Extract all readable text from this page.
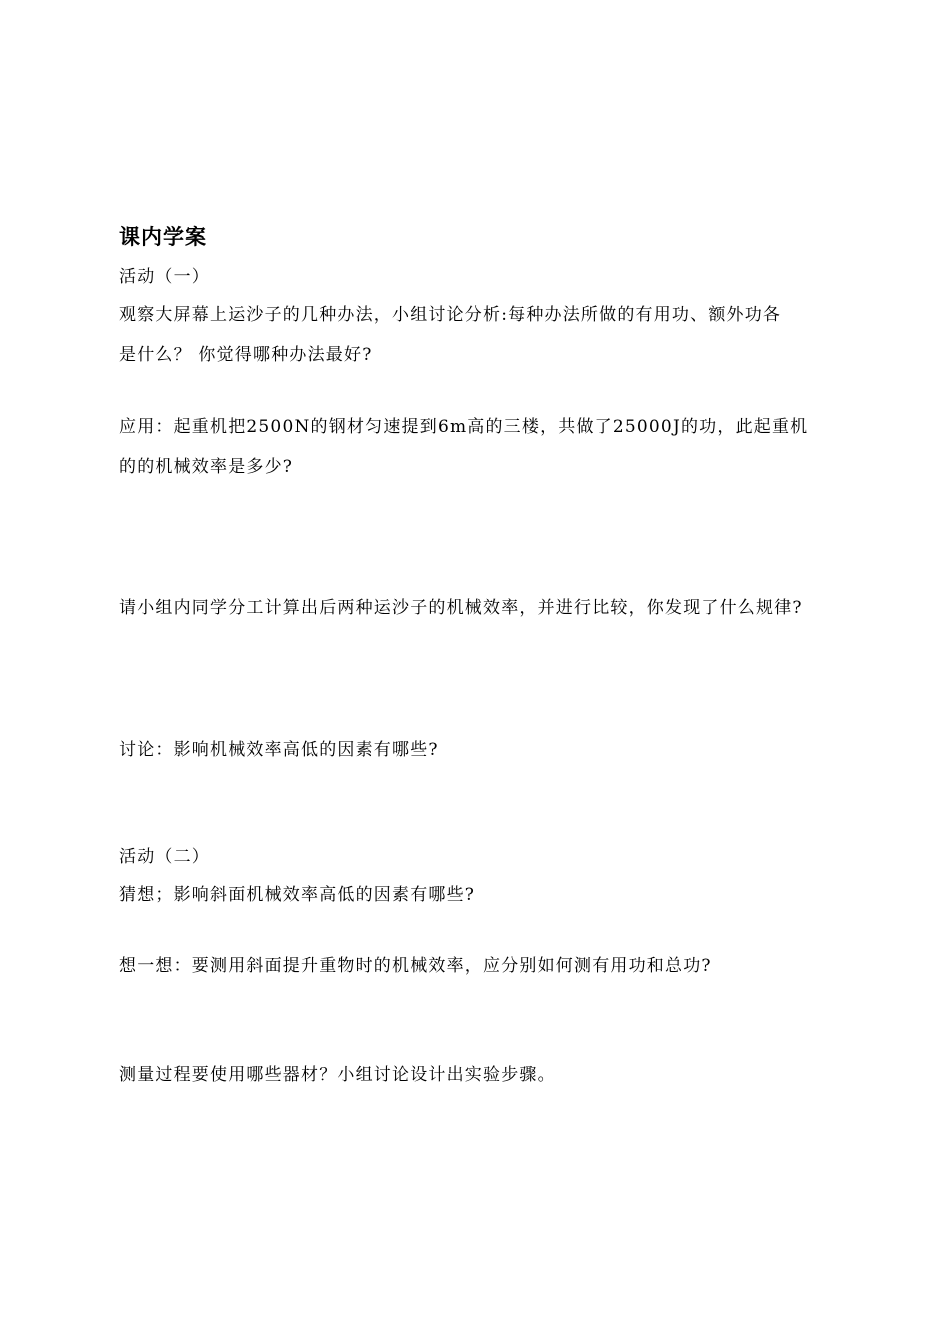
课内学案
活动（一）
观察大屏幕上运沙子的几种办法，小组讨论分析:每种办法所做的有用功、额外功各
是什么？ 你觉得哪种办法最好?
应用：起重机把2500N的钢材匀速提到6m高的三楼，共做了25000J的功，此起重机
的的机械效率是多少?
请小组内同学分工计算出后两种运沙子的机械效率，并进行比较，你发现了什么规律?
讨论：影响机械效率高低的因素有哪些?
活动（二）
猜想；影响斜面机械效率高低的因素有哪些?
想一想：要测用斜面提升重物时的机械效率，应分别如何测有用功和总功?
测量过程要使用哪些器材？小组讨论设计出实验步骤。
